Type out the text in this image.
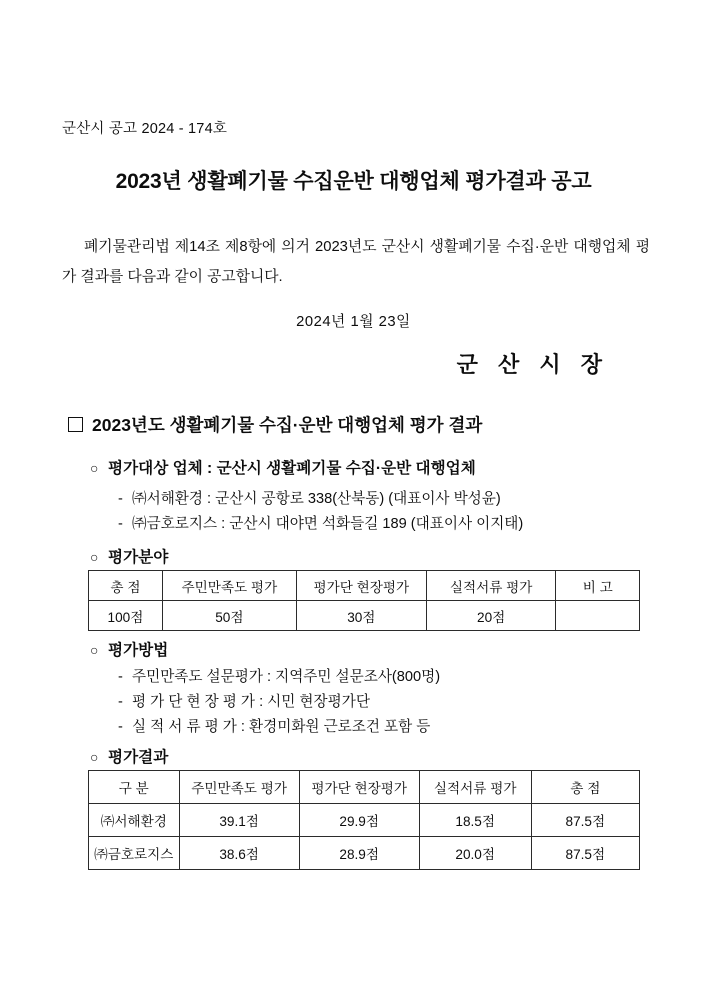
군산시 공고 2024 - 174호
2023년 생활폐기물 수집운반 대행업체 평가결과 공고
폐기물관리법 제14조 제8항에 의거 2023년도 군산시 생활폐기물 수집·운반 대행업체 평가 결과를 다음과 같이 공고합니다.
2024년 1월 23일
군 산 시 장
2023년도 생활폐기물 수집·운반 대행업체 평가 결과
○ 평가대상 업체 : 군산시 생활폐기물 수집·운반 대행업체
- ㈜서해환경 : 군산시 공항로 338(산북동) (대표이사 박성윤)
- ㈜금호로지스 : 군산시 대야면 석화들길 189 (대표이사 이지태)
○ 평가분야
총 점	주민만족도 평가	평가단 현장평가	실적서류 평가	비 고
100점	50점	30점	20점	
○ 평가방법
- 주민만족도 설문평가 : 지역주민 설문조사(800명)
- 평 가 단 현 장 평 가 : 시민 현장평가단
- 실 적 서 류 평 가 : 환경미화원 근로조건 포함 등
○ 평가결과
구 분	주민만족도 평가	평가단 현장평가	실적서류 평가	총 점
㈜서해환경	39.1점	29.9점	18.5점	87.5점
㈜금호로지스	38.6점	28.9점	20.0점	87.5점
